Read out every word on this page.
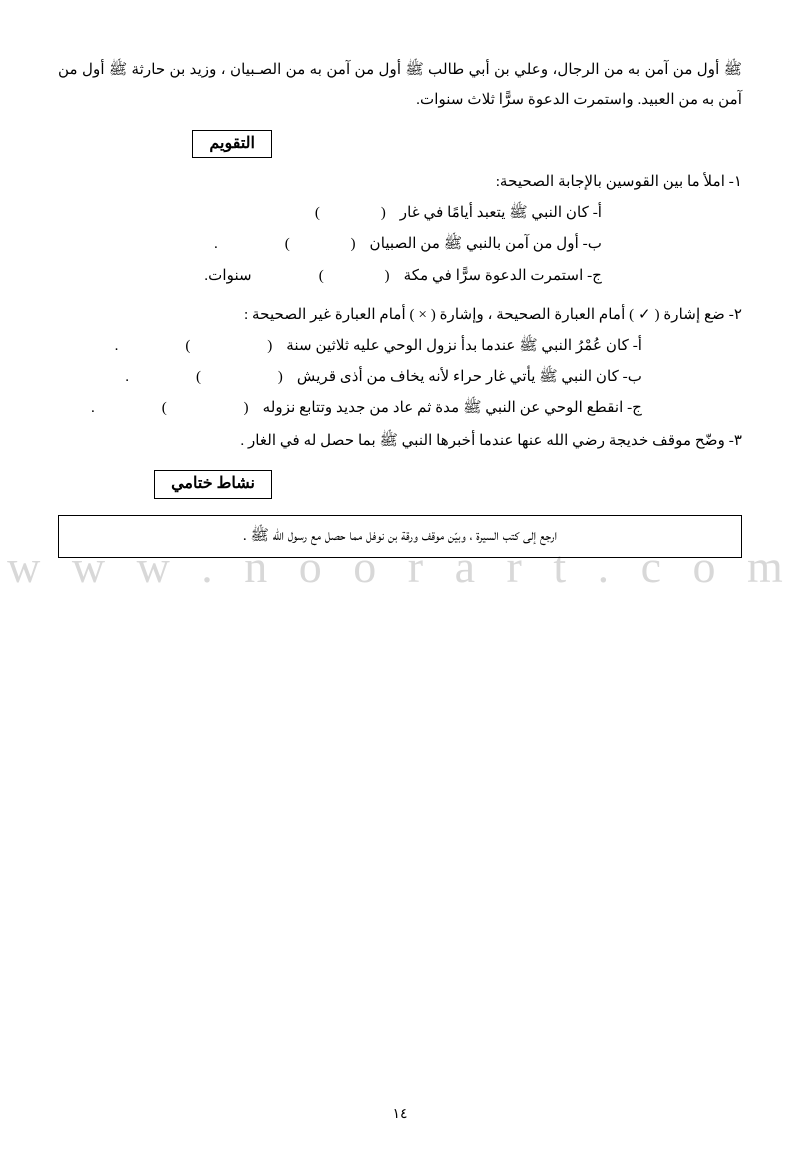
w w w . n o o r a r t . c o m

ﷺ أول من آمن به من الرجال، وعلي بن أبي طالب ﷺ أول من آمن به من الصـبيان ، وزيد بن حارثة ﷺ أول من آمن به من العبيد. واستمرت الدعوة سرًّا ثلاث سنوات.

التقويم
١- املأ ما بين القوسين بالإجابة الصحيحة:
أ- كان النبي ﷺ يتعبد أيامًا في غار
( )
ب- أول من آمن بالنبي ﷺ من الصبيان
( )
.
ج- استمرت الدعوة سرًّا في مكة
( )
سنوات.
٢- ضع إشارة ( ✓ ) أمام العبارة الصحيحة ، وإشارة ( × ) أمام العبارة غير الصحيحة :
أ- كان عُمْرُ النبي ﷺ عندما بدأ نزول الوحي عليه ثلاثين سنة
( )
.
ب- كان النبي ﷺ يأتي غار حراء لأنه يخاف من أذى قريش
( )
.
ج- انقطع الوحي عن النبي ﷺ مدة ثم عاد من جديد وتتابع نزوله
( )
.
٣- وضّح موقف خديجة رضي الله عنها عندما أخبرها النبي ﷺ بما حصل له في الغار .
نشاط ختامي
ارجع إلى كتب السيرة ، وبيّن موقف ورقة بن نوفل مما حصل مع رسول الله ﷺ .
١٤
